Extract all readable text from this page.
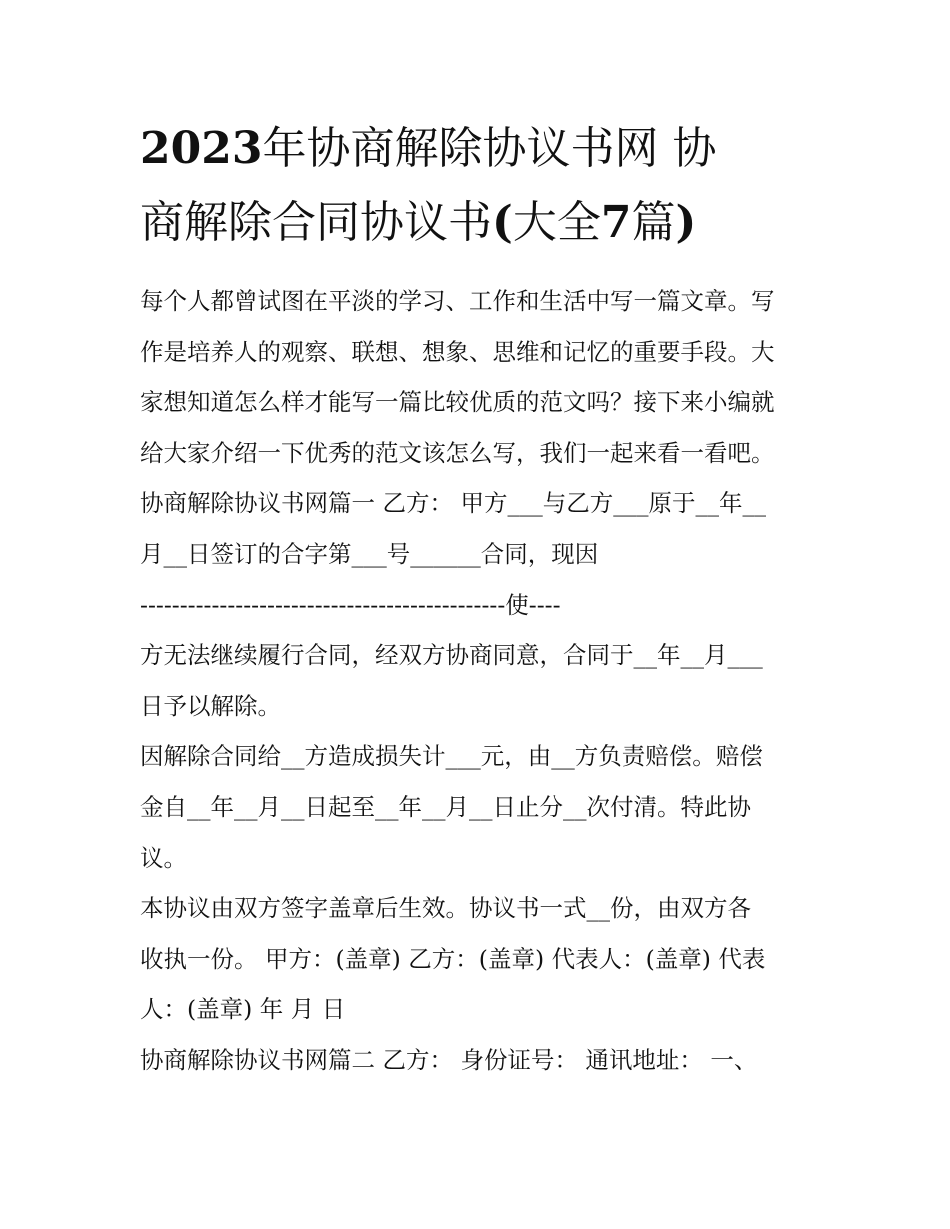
2023年协商解除协议书网 协
商解除合同协议书(大全7篇)
每个人都曾试图在平淡的学习、工作和生活中写一篇文章。写
作是培养人的观察、联想、想象、思维和记忆的重要手段。大
家想知道怎么样才能写一篇比较优质的范文吗？接下来小编就
给大家介绍一下优秀的范文该怎么写，我们一起来看一看吧。
协商解除协议书网篇一 乙方： 甲方___与乙方___原于__年__
月__日签订的合字第___号______合同，现因
----------------------------------------------使----
方无法继续履行合同，经双方协商同意，合同于__年__月___
日予以解除。
因解除合同给__方造成损失计___元，由__方负责赔偿。赔偿
金自__年__月__日起至__年__月__日止分__次付清。特此协
议。
本协议由双方签字盖章后生效。协议书一式__份，由双方各
收执一份。 甲方：(盖章) 乙方：(盖章) 代表人：(盖章) 代表
人：(盖章) 年 月 日
协商解除协议书网篇二 乙方： 身份证号： 通讯地址： 一、
